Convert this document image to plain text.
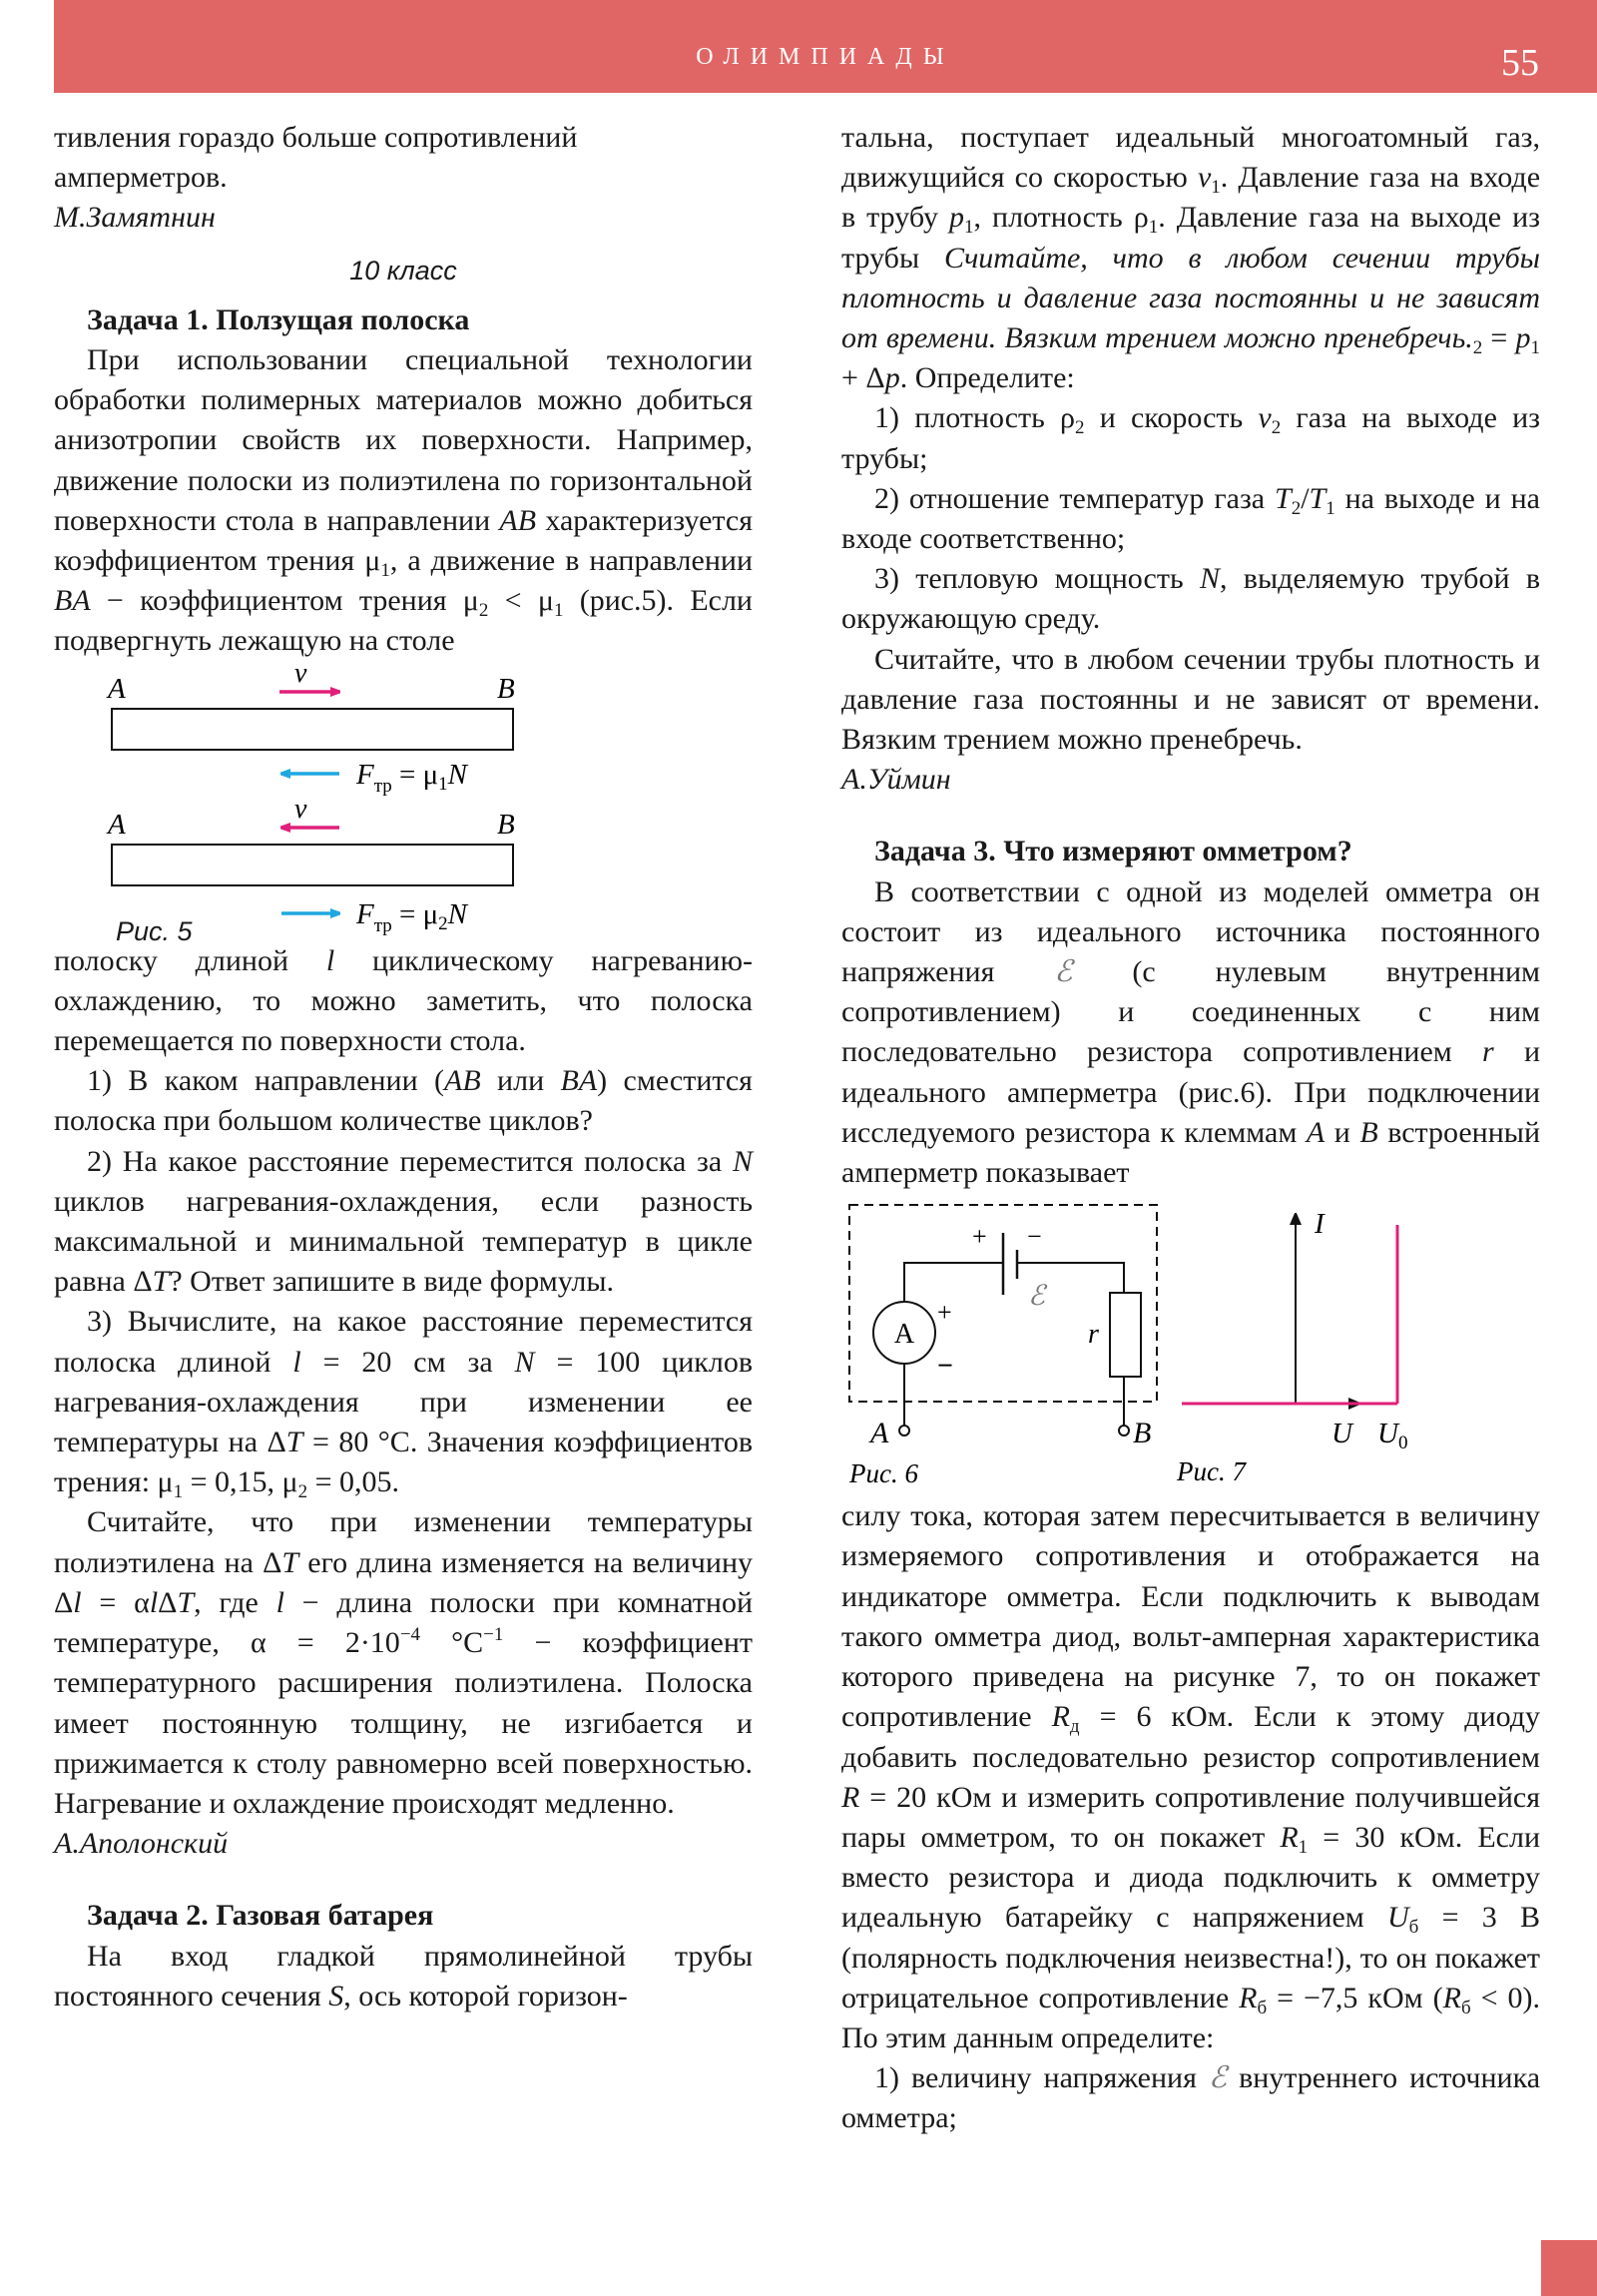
ОЛИМПИАДЫ	55

тивления гораздо больше сопротивлений
амперметров.

М.Замятнин

10 класс

Задача 1. Ползущая полоска

При использовании специальной технологии обработки полимерных материалов можно добиться анизотропии свойств их поверхности. Например, движение полоски из полиэтилена по горизонтальной поверхности стола в направлении AB характеризуется коэффициентом трения $\mu_1$, а движение в направлении BA − коэффициентом трения $\mu_2 < \mu_1$ (рис.5). Если подвергнуть лежащую на столе

A	B
v
$F_{тр} = \mu_1N$
A	B
v
$F_{тр} = \mu_2N$
Рис. 5

полоску длиной l циклическому нагреванию-охлаждению, то можно заметить, что полоска перемещается по поверхности стола.

1) В каком направлении (AB или BA) сместится полоска при большом количестве циклов?

2) На какое расстояние переместится полоска за N циклов нагревания-охлаждения, если разность максимальной и минимальной температур в цикле равна ΔT? Ответ запишите в виде формулы.

3) Вычислите, на какое расстояние переместится полоска длиной l = 20 см за N = 100 циклов нагревания-охлаждения при изменении ее температуры на ΔT = 80 °С. Значения коэффициентов трения: $\mu_1 = 0,15$, $\mu_2 = 0,05$.

Считайте, что при изменении температуры полиэтилена на ΔT его длина изменяется на величину Δl = αlΔT, где l − длина полоски при комнатной температуре, $\alpha = 2\cdot 10^{-4}$ $^\circ С^{-1}$ − коэффициент температурного расширения полиэтилена. Полоска имеет постоянную толщину, не изгибается и прижимается к столу равномерно всей поверхностью. Нагревание и охлаждение происходят медленно.

А.Аполонский

Задача 2. Газовая батарея

На вход гладкой прямолинейной трубы постоянного сечения S, ось которой горизон-

тальна, поступает идеальный многоатомный газ, движущийся со скоростью $v_1$. Давление газа на входе в трубу $p_1$, плотность $\rho_1$. Давление газа на выходе из трубы Считайте, что в любом сечении трубы плотность и давление газа постоянны и не зависят от времени. Вязким трением можно $пренебречь._2 = p_1 + \Delta p$. Определите:

1) плотность $\rho_2$ и скорость $v_2$ газа на выходе из трубы;

2) отношение температур газа $T_2/T_1$ на выходе и на входе соответственно;

3) тепловую мощность N, выделяемую трубой в окружающую среду.

Считайте, что в любом сечении трубы плотность и давление газа постоянны и не зависят от времени. Вязким трением можно пренебречь.

А.Уймин

Задача 3. Что измеряют омметром?

В соответствии с одной из моделей омметра он состоит из идеального источника постоянного напряжения ℰ (с нулевым внутренним сопротивлением) и соединенных с ним последовательно резистора сопротивлением r и идеального амперметра (рис.6). При подключении исследуемого резистора к клеммам A и B встроенный амперметр показывает

+ −
ℰ
A
+
−
r
A	B
Рис. 6
I
U $U_0$
Рис. 7

силу тока, которая затем пересчитывается в величину измеряемого сопротивления и отображается на индикаторе омметра. Если подключить к выводам такого омметра диод, вольт-амперная характеристика которого приведена на рисунке 7, то он покажет сопротивление $R_д = 6$ кОм. Если к этому диоду добавить последовательно резистор сопротивлением R = 20 кОм и измерить сопротивление получившейся пары омметром, то он покажет $R_1 = 30$ кОм. Если вместо резистора и диода подключить к омметру идеальную батарейку с напряжением $U_б = 3$ В (полярность подключения неизвестна!), то он покажет отрицательное сопротивление $R_б = -7,5$ кОм $(R_б < 0)$. По этим данным определите:

1) величину напряжения ℰ внутреннего источника омметра;
